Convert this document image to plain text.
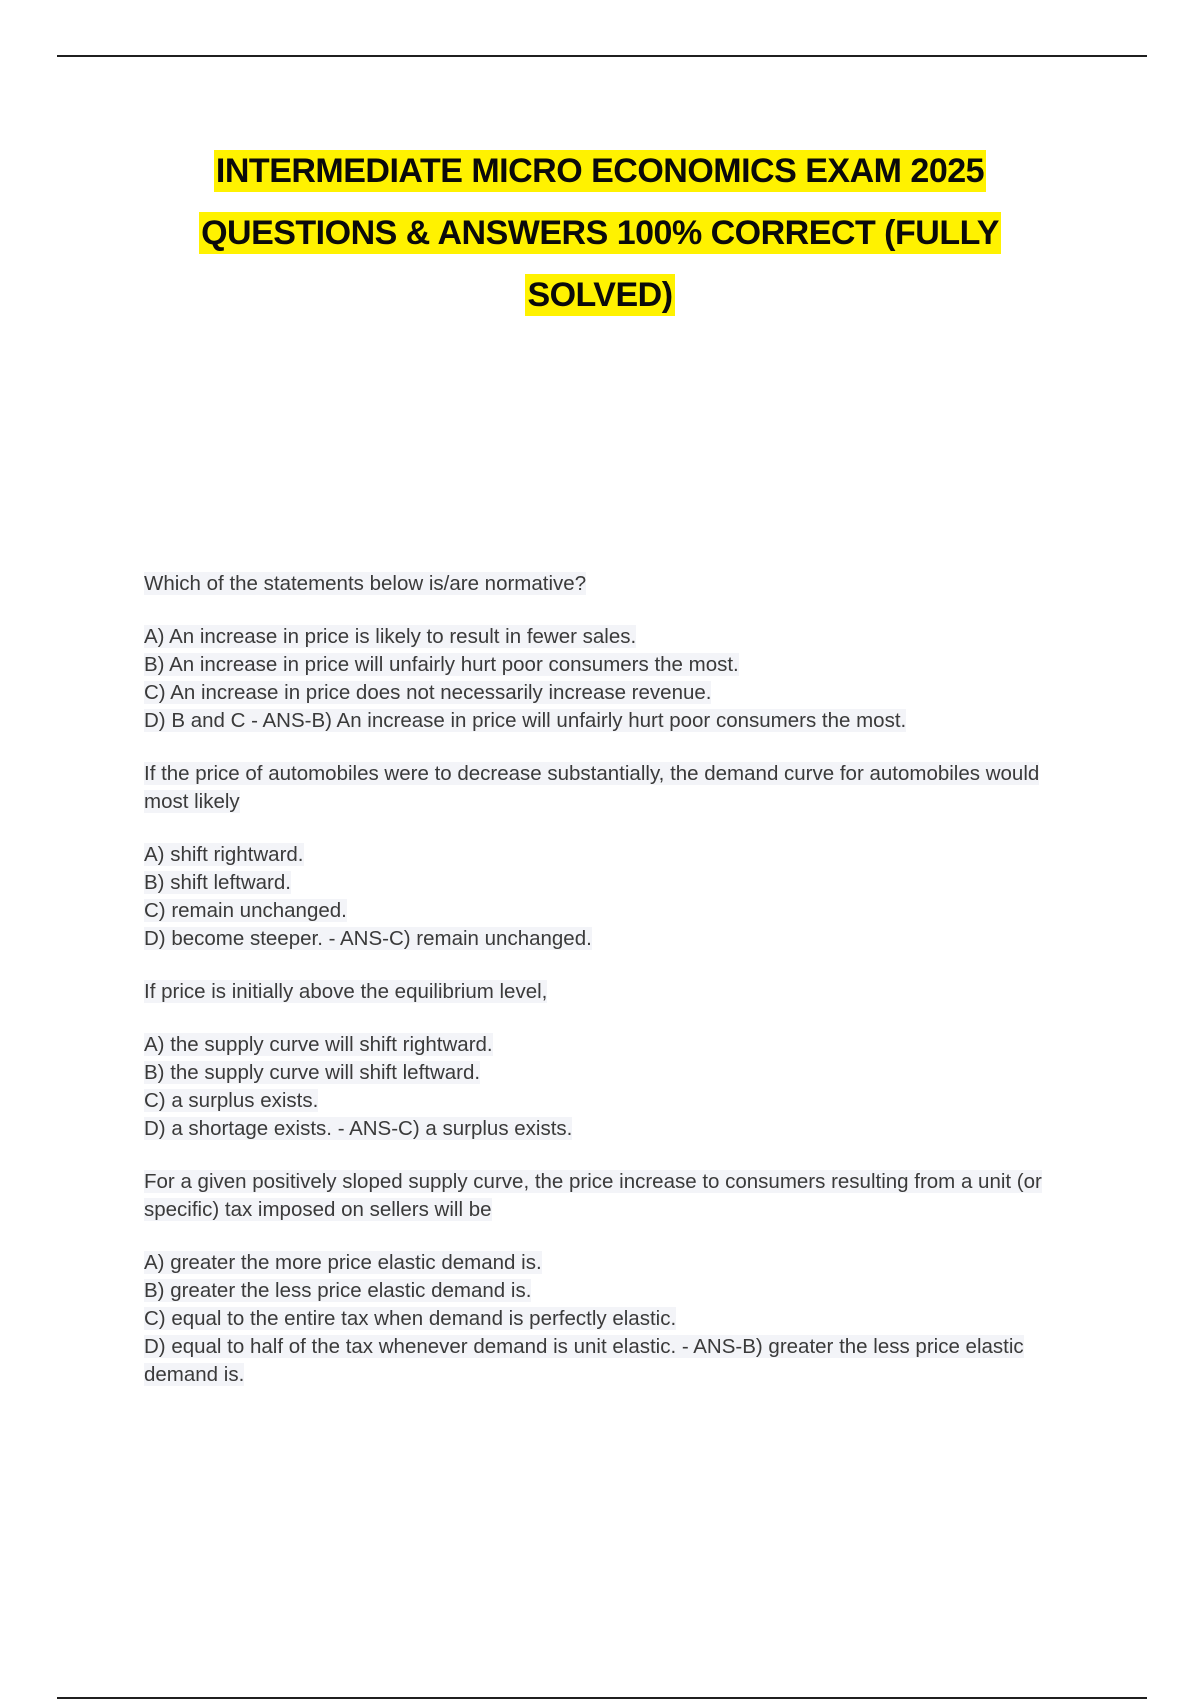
INTERMEDIATE MICRO ECONOMICS EXAM 2025
QUESTIONS & ANSWERS 100% CORRECT (FULLY
SOLVED)
Which of the statements below is/are normative?
A) An increase in price is likely to result in fewer sales.
B) An increase in price will unfairly hurt poor consumers the most.
C) An increase in price does not necessarily increase revenue.
D) B and C - ANS-B) An increase in price will unfairly hurt poor consumers the most.
If the price of automobiles were to decrease substantially, the demand curve for automobiles would most likely
A) shift rightward.
B) shift leftward.
C) remain unchanged.
D) become steeper. - ANS-C) remain unchanged.
If price is initially above the equilibrium level,
A) the supply curve will shift rightward.
B) the supply curve will shift leftward.
C) a surplus exists.
D) a shortage exists. - ANS-C) a surplus exists.
For a given positively sloped supply curve, the price increase to consumers resulting from a unit (or specific) tax imposed on sellers will be
A) greater the more price elastic demand is.
B) greater the less price elastic demand is.
C) equal to the entire tax when demand is perfectly elastic.
D) equal to half of the tax whenever demand is unit elastic. - ANS-B) greater the less price elastic demand is.
